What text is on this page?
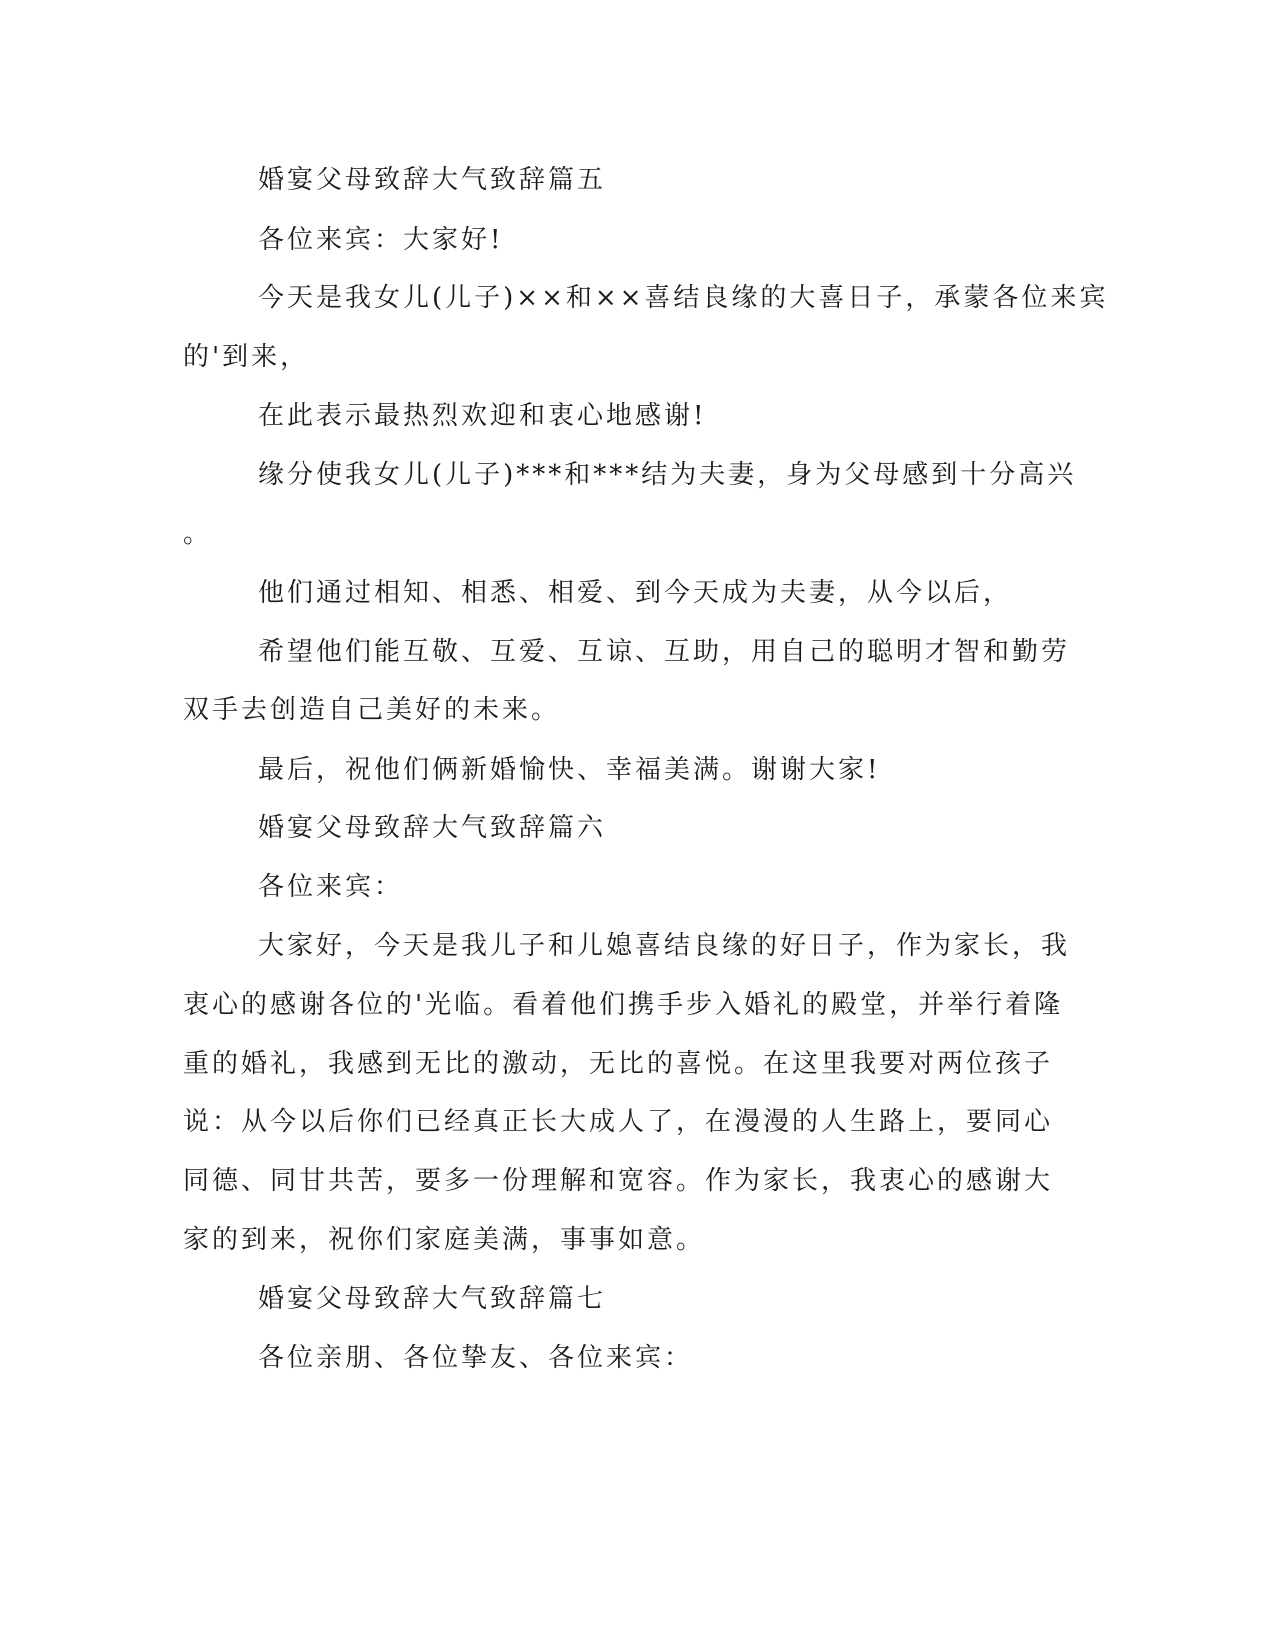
婚宴父母致辞大气致辞篇五
各位来宾：大家好!
今天是我女儿(儿子)××和××喜结良缘的大喜日子，承蒙各位来宾
的'到来，
在此表示最热烈欢迎和衷心地感谢!
缘分使我女儿(儿子)***和***结为夫妻，身为父母感到十分高兴
。
他们通过相知、相悉、相爱、到今天成为夫妻，从今以后，
希望他们能互敬、互爱、互谅、互助，用自己的聪明才智和勤劳
双手去创造自己美好的未来。
最后，祝他们俩新婚愉快、幸福美满。谢谢大家!
婚宴父母致辞大气致辞篇六
各位来宾：
大家好，今天是我儿子和儿媳喜结良缘的好日子，作为家长，我
衷心的感谢各位的'光临。看着他们携手步入婚礼的殿堂，并举行着隆
重的婚礼，我感到无比的激动，无比的喜悦。在这里我要对两位孩子
说：从今以后你们已经真正长大成人了，在漫漫的人生路上，要同心
同德、同甘共苦，要多一份理解和宽容。作为家长，我衷心的感谢大
家的到来，祝你们家庭美满，事事如意。
婚宴父母致辞大气致辞篇七
各位亲朋、各位挚友、各位来宾：
